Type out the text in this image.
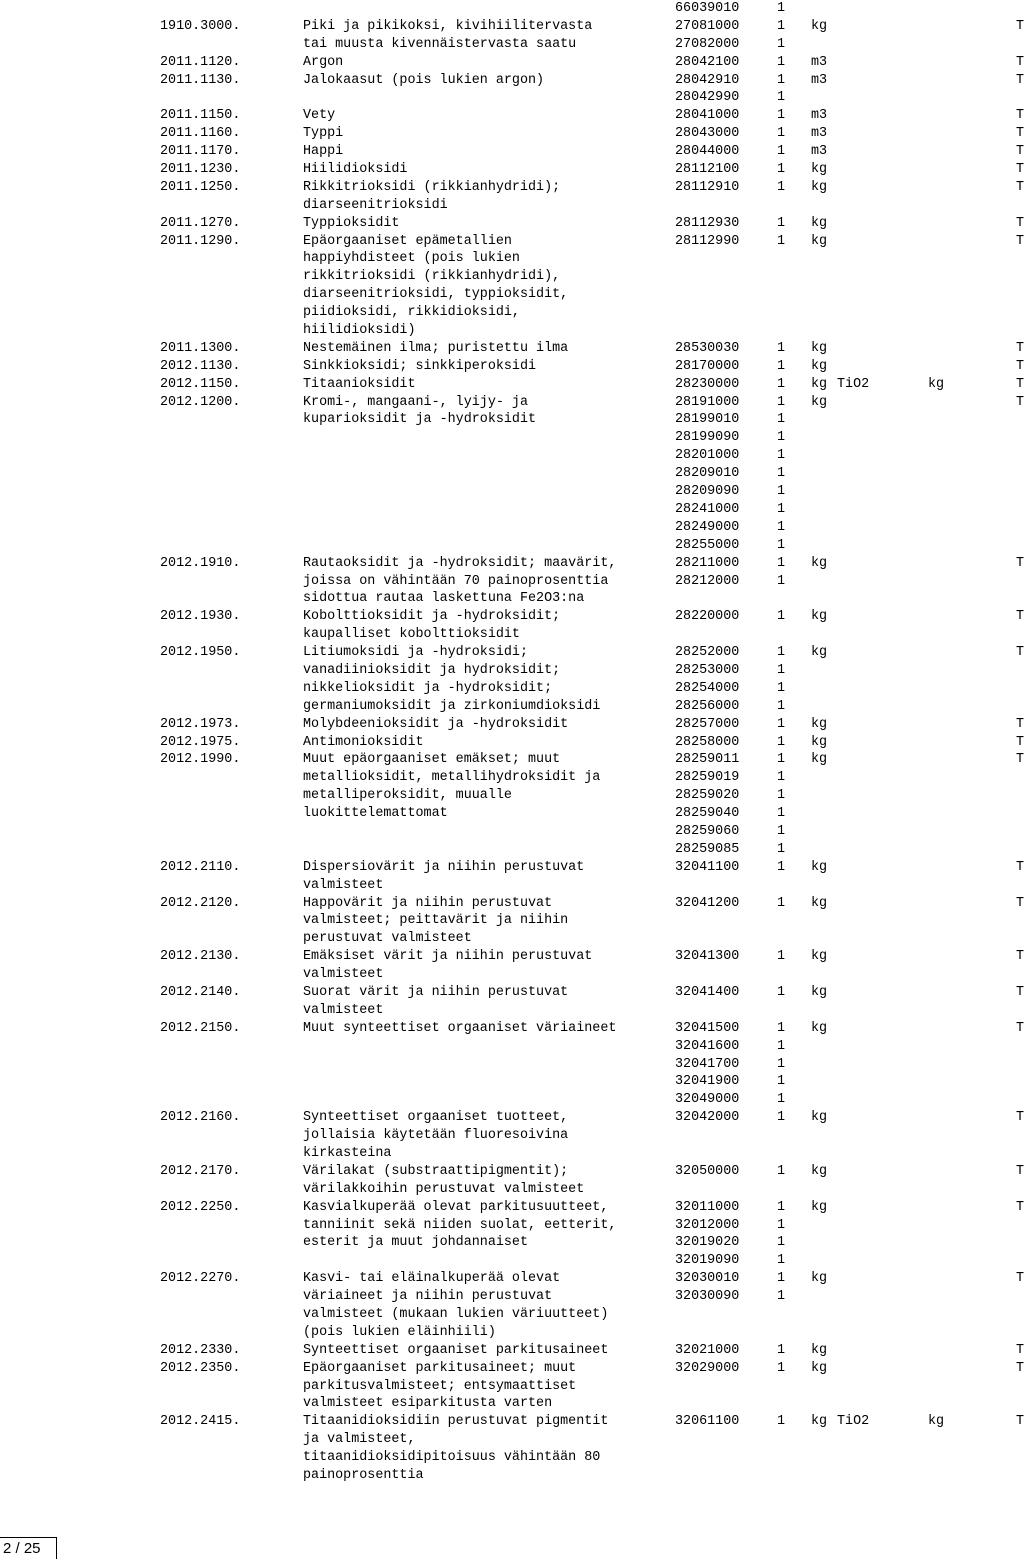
66039010	1
1910.3000.	Piki ja pikikoksi, kivihiilitervasta	27081000	1	kg	T
tai muusta kivennäistervasta saatu	27082000	1
2011.1120.	Argon	28042100	1	m3	T
2011.1130.	Jalokaasut (pois lukien argon)	28042910	1	m3	T
28042990	1
2011.1150.	Vety	28041000	1	m3	T
2011.1160.	Typpi	28043000	1	m3	T
2011.1170.	Happi	28044000	1	m3	T
2011.1230.	Hiilidioksidi	28112100	1	kg	T
2011.1250.	Rikkitrioksidi (rikkianhydridi);	28112910	1	kg	T
diarseenitrioksidi
2011.1270.	Typpioksidit	28112930	1	kg	T
2011.1290.	Epäorgaaniset epämetallien	28112990	1	kg	T
happiyhdisteet (pois lukien
rikkitrioksidi (rikkianhydridi),
diarseenitrioksidi, typpioksidit,
piidioksidi, rikkidioksidi,
hiilidioksidi)
2011.1300.	Nestemäinen ilma; puristettu ilma	28530030	1	kg	T
2012.1130.	Sinkkioksidi; sinkkiperoksidi	28170000	1	kg	T
2012.1150.	Titaanioksidit	28230000	1	kg TiO2	kg	T
2012.1200.	Kromi-, mangaani-, lyijy- ja	28191000	1	kg	T
kuparioksidit ja -hydroksidit	28199010	1
28199090	1
28201000	1
28209010	1
28209090	1
28241000	1
28249000	1
28255000	1
2012.1910.	Rautaoksidit ja -hydroksidit; maavärit,	28211000	1	kg	T
joissa on vähintään 70 painoprosenttia	28212000	1
sidottua rautaa laskettuna Fe2O3:na
2012.1930.	Kobolttioksidit ja -hydroksidit;	28220000	1	kg	T
kaupalliset kobolttioksidit
2012.1950.	Litiumoksidi ja -hydroksidi;	28252000	1	kg	T
vanadiinioksidit ja hydroksidit;	28253000	1
nikkelioksidit ja -hydroksidit;	28254000	1
germaniumoksidit ja zirkoniumdioksidi	28256000	1
2012.1973.	Molybdeenioksidit ja -hydroksidit	28257000	1	kg	T
2012.1975.	Antimonioksidit	28258000	1	kg	T
2012.1990.	Muut epäorgaaniset emäkset; muut	28259011	1	kg	T
metallioksidit, metallihydroksidit ja	28259019	1
metalliperoksidit, muualle	28259020	1
luokittelemattomat	28259040	1
28259060	1
28259085	1
2012.2110.	Dispersiovärit ja niihin perustuvat	32041100	1	kg	T
valmisteet
2012.2120.	Happovärit ja niihin perustuvat	32041200	1	kg	T
valmisteet; peittavärit ja niihin
perustuvat valmisteet
2012.2130.	Emäksiset värit ja niihin perustuvat	32041300	1	kg	T
valmisteet
2012.2140.	Suorat värit ja niihin perustuvat	32041400	1	kg	T
valmisteet
2012.2150.	Muut synteettiset orgaaniset väriaineet	32041500	1	kg	T
32041600	1
32041700	1
32041900	1
32049000	1
2012.2160.	Synteettiset orgaaniset tuotteet,	32042000	1	kg	T
jollaisia käytetään fluoresoivina
kirkasteina
2012.2170.	Värilakat (substraattipigmentit);	32050000	1	kg	T
värilakkoihin perustuvat valmisteet
2012.2250.	Kasvialkuperää olevat parkitusuutteet,	32011000	1	kg	T
tanniinit sekä niiden suolat, eetterit,	32012000	1
esterit ja muut johdannaiset	32019020	1
32019090	1
2012.2270.	Kasvi- tai eläinalkuperää olevat	32030010	1	kg	T
väriaineet ja niihin perustuvat	32030090	1
valmisteet (mukaan lukien väriuutteet)
(pois lukien eläinhiili)
2012.2330.	Synteettiset orgaaniset parkitusaineet	32021000	1	kg	T
2012.2350.	Epäorgaaniset parkitusaineet; muut	32029000	1	kg	T
parkitusvalmisteet; entsymaattiset
valmisteet esiparkitusta varten
2012.2415.	Titaanidioksidiin perustuvat pigmentit	32061100	1	kg TiO2	kg	T
ja valmisteet,
titaanidioksidipitoisuus vähintään 80
painoprosenttia
2 / 25
